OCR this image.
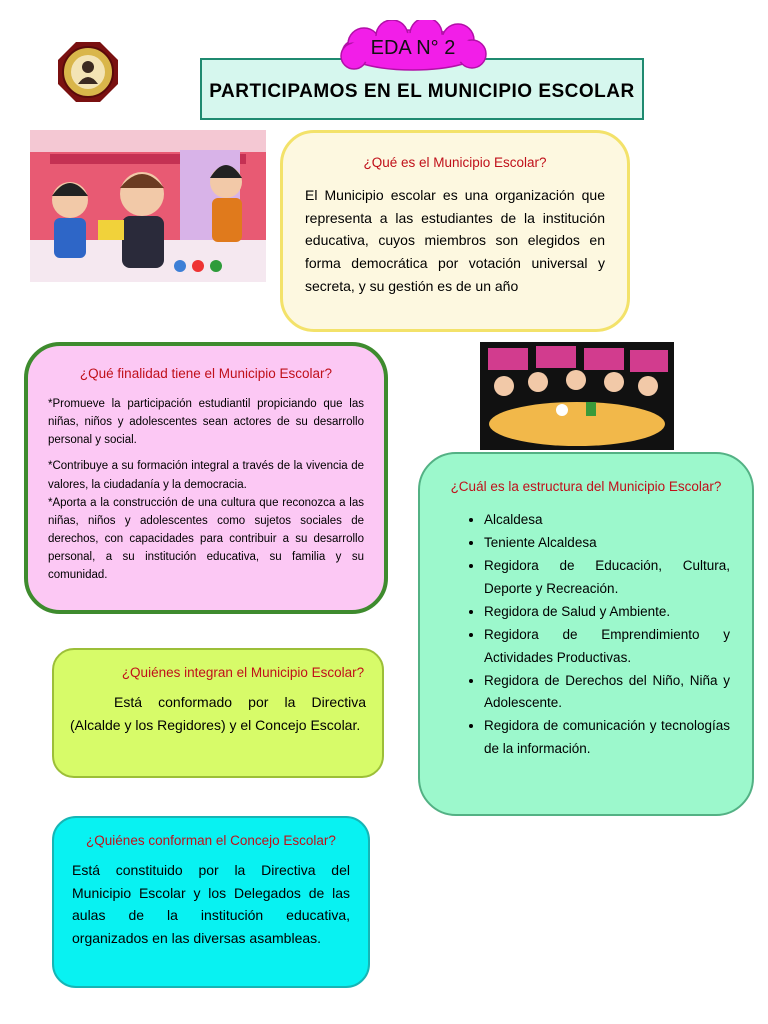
PARTICIPAMOS EN EL MUNICIPIO ESCOLAR
EDA N° 2
¿Qué es el Municipio Escolar?
El Municipio escolar es una organización que representa a las estudiantes de la institución educativa, cuyos miembros son elegidos en forma democrática por votación universal y secreta, y su gestión es de un año
¿Qué finalidad tiene el Municipio Escolar?

*Promueve la participación estudiantil propiciando que las niñas, niños y adolescentes sean actores de su desarrollo personal y social.

*Contribuye a su formación integral a través de la vivencia de valores, la ciudadanía y la democracia.

*Aporta a la construcción de una cultura que reconozca a las niñas, niños y adolescentes como sujetos sociales de derechos, con capacidades para contribuir a su desarrollo personal, a su institución educativa, su familia y su comunidad.

¿Cuál es la estructura del Municipio Escolar?
• Alcaldesa
• Teniente Alcaldesa
• Regidora de Educación, Cultura, Deporte y Recreación.
• Regidora de Salud y Ambiente.
• Regidora de Emprendimiento y Actividades Productivas.
• Regidora de Derechos del Niño, Niña y Adolescente.
• Regidora de comunicación y tecnologías de la información.
¿Quiénes integran el Municipio Escolar?
Está conformado por la Directiva (Alcalde y los Regidores) y el Concejo Escolar.
¿Quiénes conforman el Concejo Escolar?
Está constituido por la Directiva del Municipio Escolar y los Delegados de las aulas de la institución educativa, organizados en las diversas asambleas.
